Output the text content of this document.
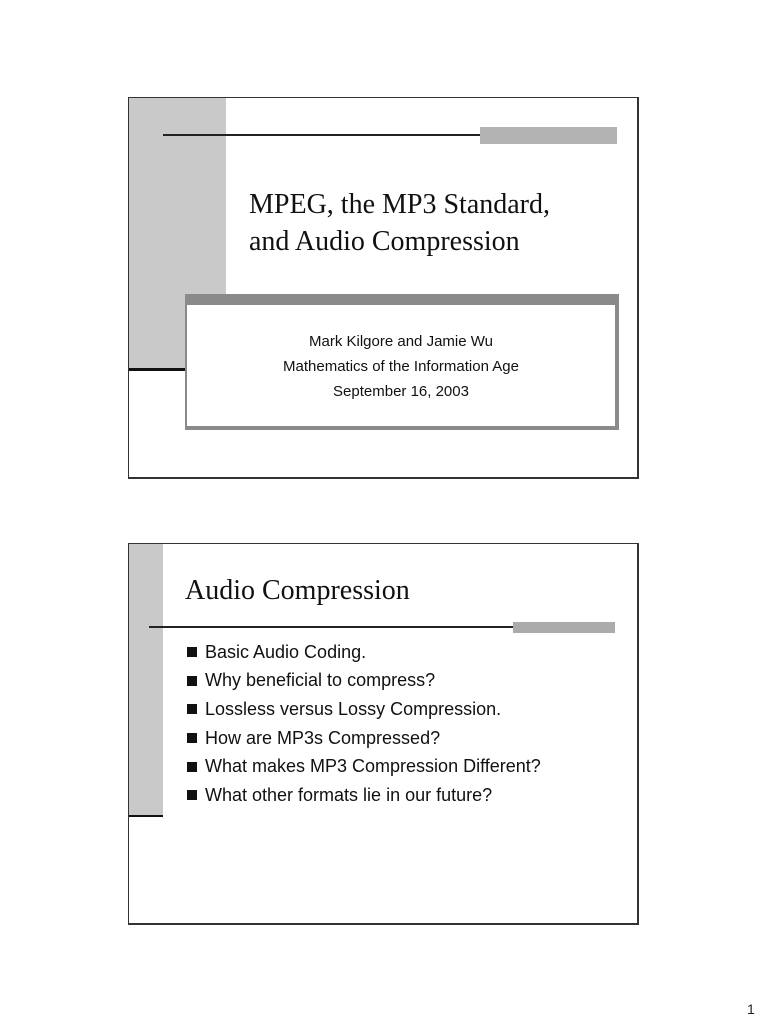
MPEG, the MP3 Standard,
and Audio Compression
Mark Kilgore and Jamie Wu
Mathematics of the Information Age
September 16, 2003
Audio Compression
Basic Audio Coding.
Why beneficial to compress?
Lossless versus Lossy Compression.
How are MP3s Compressed?
What makes MP3 Compression Different?
What other formats lie in our future?
1
